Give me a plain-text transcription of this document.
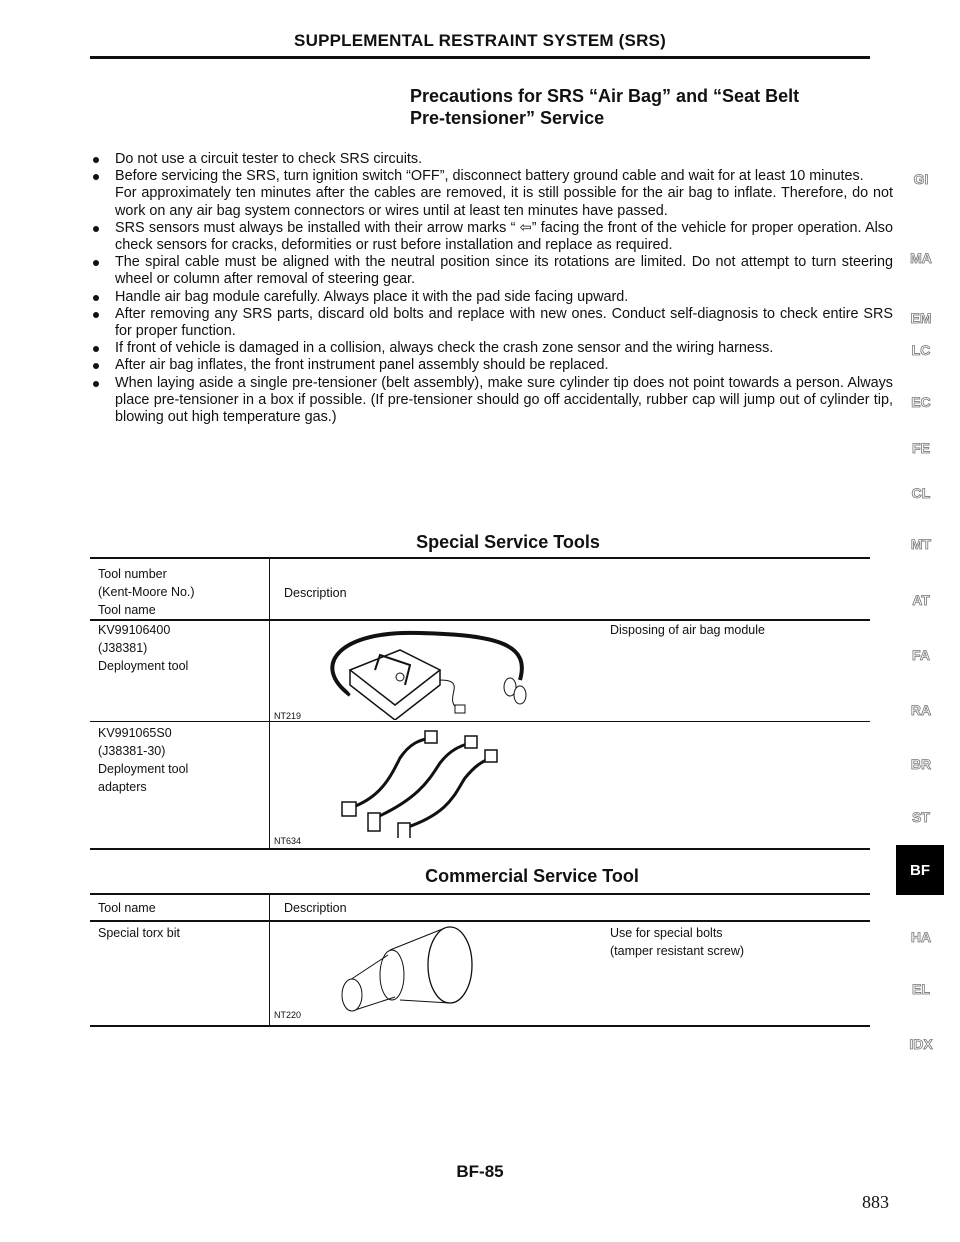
SUPPLEMENTAL RESTRAINT SYSTEM (SRS)
Precautions for SRS “Air Bag” and “Seat Belt
Pre-tensioner” Service
Do not use a circuit tester to check SRS circuits.
Before servicing the SRS, turn ignition switch “OFF”, disconnect battery ground cable and wait for at least 10 minutes.
For approximately ten minutes after the cables are removed, it is still possible for the air bag to inflate. Therefore, do not work on any air bag system connectors or wires until at least ten minutes have passed.
SRS sensors must always be installed with their arrow marks “ ⇦” facing the front of the vehicle for proper operation. Also check sensors for cracks, deformities or rust before installation and replace as required.
The spiral cable must be aligned with the neutral position since its rotations are limited. Do not attempt to turn steering wheel or column after removal of steering gear.
Handle air bag module carefully. Always place it with the pad side facing upward.
After removing any SRS parts, discard old bolts and replace with new ones. Conduct self-diagnosis to check entire SRS for proper function.
If front of vehicle is damaged in a collision, always check the crash zone sensor and the wiring harness.
After air bag inflates, the front instrument panel assembly should be replaced.
When laying aside a single pre-tensioner (belt assembly), make sure cylinder tip does not point towards a person. Always place pre-tensioner in a box if possible. (If pre-tensioner should go off accidentally, rubber cap will jump out of cylinder tip, blowing out high temperature gas.)
Special Service Tools
Tool number
(Kent-Moore No.)
Tool name
Description
KV99106400
(J38381)
Deployment tool
NT219
Disposing of air bag module
KV991065S0
(J38381-30)
Deployment tool
adapters
NT634
Commercial Service Tool
Tool name	Description
Special torx bit
NT220
Use for special bolts
(tamper resistant screw)
GI
MA
EM
LC
EC
FE
CL
MT
AT
FA
RA
BR
ST
BF
HA
EL
IDX
BF-85
883
